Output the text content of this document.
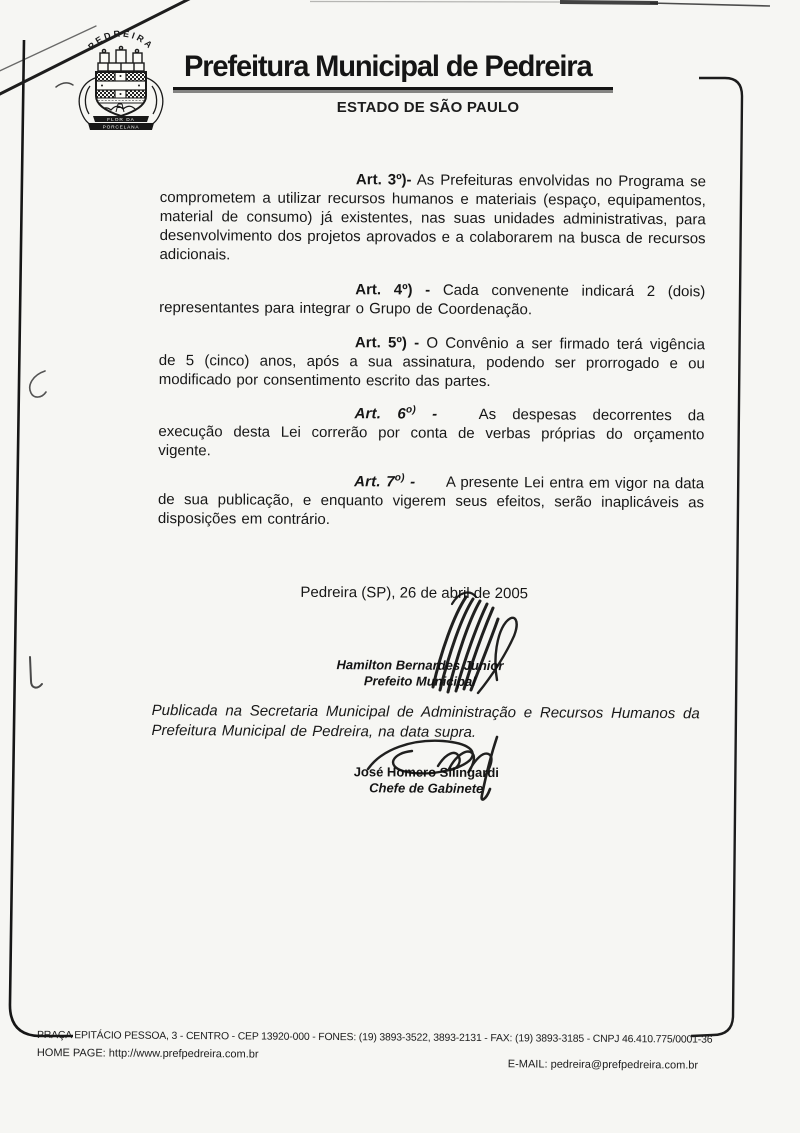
PEDREIRA
FLOR DA
PORCELANA
Prefeitura Municipal de Pedreira
ESTADO DE SÃO PAULO

Art. 3º)- As Prefeituras envolvidas no Programa se comprometem a utilizar recursos humanos e materiais (espaço, equipamentos, material de consumo) já existentes, nas suas unidades administrativas, para desenvolvimento dos projetos aprovados e a colaborarem na busca de recursos adicionais.

Art. 4º) - Cada convenente indicará 2 (dois) representantes para integrar o Grupo de Coordenação.

Art. 5º) - O Convênio a ser firmado terá vigência de 5 (cinco) anos, após a sua assinatura, podendo ser prorrogado e ou modificado por consentimento escrito das partes.

Art. 6$^{o)}$ -	As despesas decorrentes da execução desta Lei correrão por conta de verbas próprias do orçamento vigente.

Art. 7$^{o)}$ - A presente Lei entra em vigor na data de sua publicação, e enquanto vigerem seus efeitos, serão inaplicáveis as disposições em contrário.

Pedreira (SP), 26 de abril de 2005

Hamilton Bernardes Junior
Prefeito Municipal

Publicada na Secretaria Municipal de Administração e Recursos Humanos da Prefeitura Municipal de Pedreira, na data supra.

José Homero Silingardi
Chefe de Gabinete

PRAÇA EPITÁCIO PESSOA, 3 - CENTRO - CEP 13920-000 - FONES: (19) 3893-3522, 3893-2131 - FAX: (19) 3893-3185 - CNPJ 46.410.775/0001-36

HOME PAGE: http://www.prefpedreira.com.br

E-MAIL: pedreira@prefpedreira.com.br
